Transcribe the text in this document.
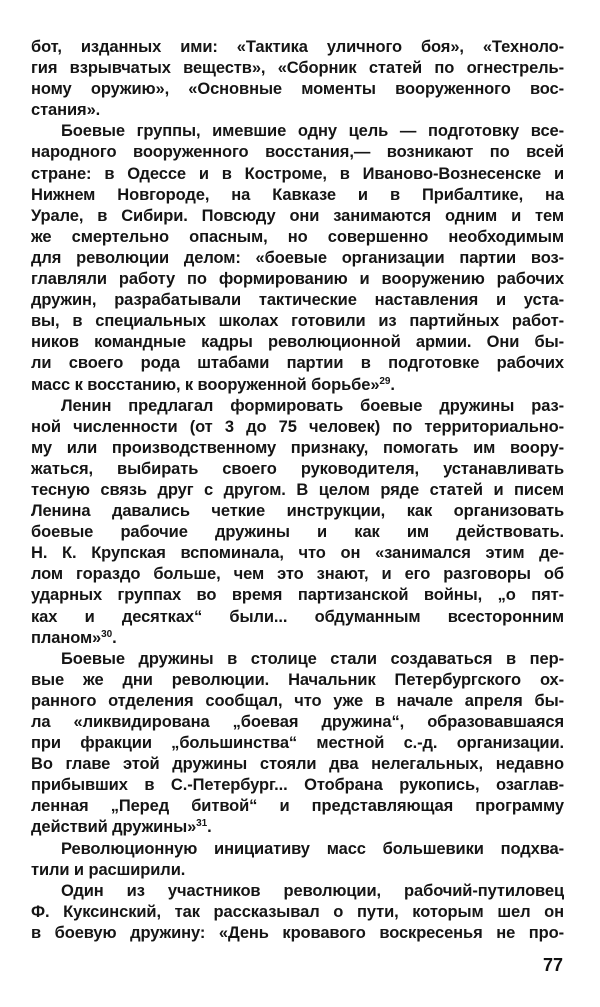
бот, изданных ими: «Тактика уличного боя», «Техноло-
гия взрывчатых веществ», «Сборник статей по огнестрель-
ному оружию», «Основные моменты вооруженного вос-
стания».
Боевые группы, имевшие одну цель — подготовку все-
народного вооруженного восстания,— возникают по всей
стране: в Одессе и в Костроме, в Иваново-Вознесенске и
Нижнем Новгороде, на Кавказе и в Прибалтике, на
Урале, в Сибири. Повсюду они занимаются одним и тем
же смертельно опасным, но совершенно необходимым
для революции делом: «боевые организации партии воз-
главляли работу по формированию и вооружению рабочих
дружин, разрабатывали тактические наставления и уста-
вы, в специальных школах готовили из партийных работ-
ников командные кадры революционной армии. Они бы-
ли своего рода штабами партии в подготовке рабочих
масс к восстанию, к вооруженной борьбе»$^{29}$.
Ленин предлагал формировать боевые дружины раз-
ной численности (от 3 до 75 человек) по территориально-
му или производственному признаку, помогать им воору-
жаться, выбирать своего руководителя, устанавливать
тесную связь друг с другом. В целом ряде статей и писем
Ленина давались четкие инструкции, как организовать
боевые рабочие дружины и как им действовать.
Н. К. Крупская вспоминала, что он «занимался этим де-
лом гораздо больше, чем это знают, и его разговоры об
ударных группах во время партизанской войны, „о пят-
ках и десятках“ были... обдуманным всесторонним
планом»$^{30}$.
Боевые дружины в столице стали создаваться в пер-
вые же дни революции. Начальник Петербургского ох-
ранного отделения сообщал, что уже в начале апреля бы-
ла «ликвидирована „боевая дружина“, образовавшаяся
при фракции „большинства“ местной с.-д. организации.
Во главе этой дружины стояли два нелегальных, недавно
прибывших в С.-Петербург... Отобрана рукопись, озаглав-
ленная „Перед битвой“ и представляющая программу
действий дружины»$^{31}$.
Революционную инициативу масс большевики подхва-
тили и расширили.
Один из участников революции, рабочий-путиловец
Ф. Куксинский, так рассказывал о пути, которым шел он
в боевую дружину: «День кровавого воскресенья не про-
77
